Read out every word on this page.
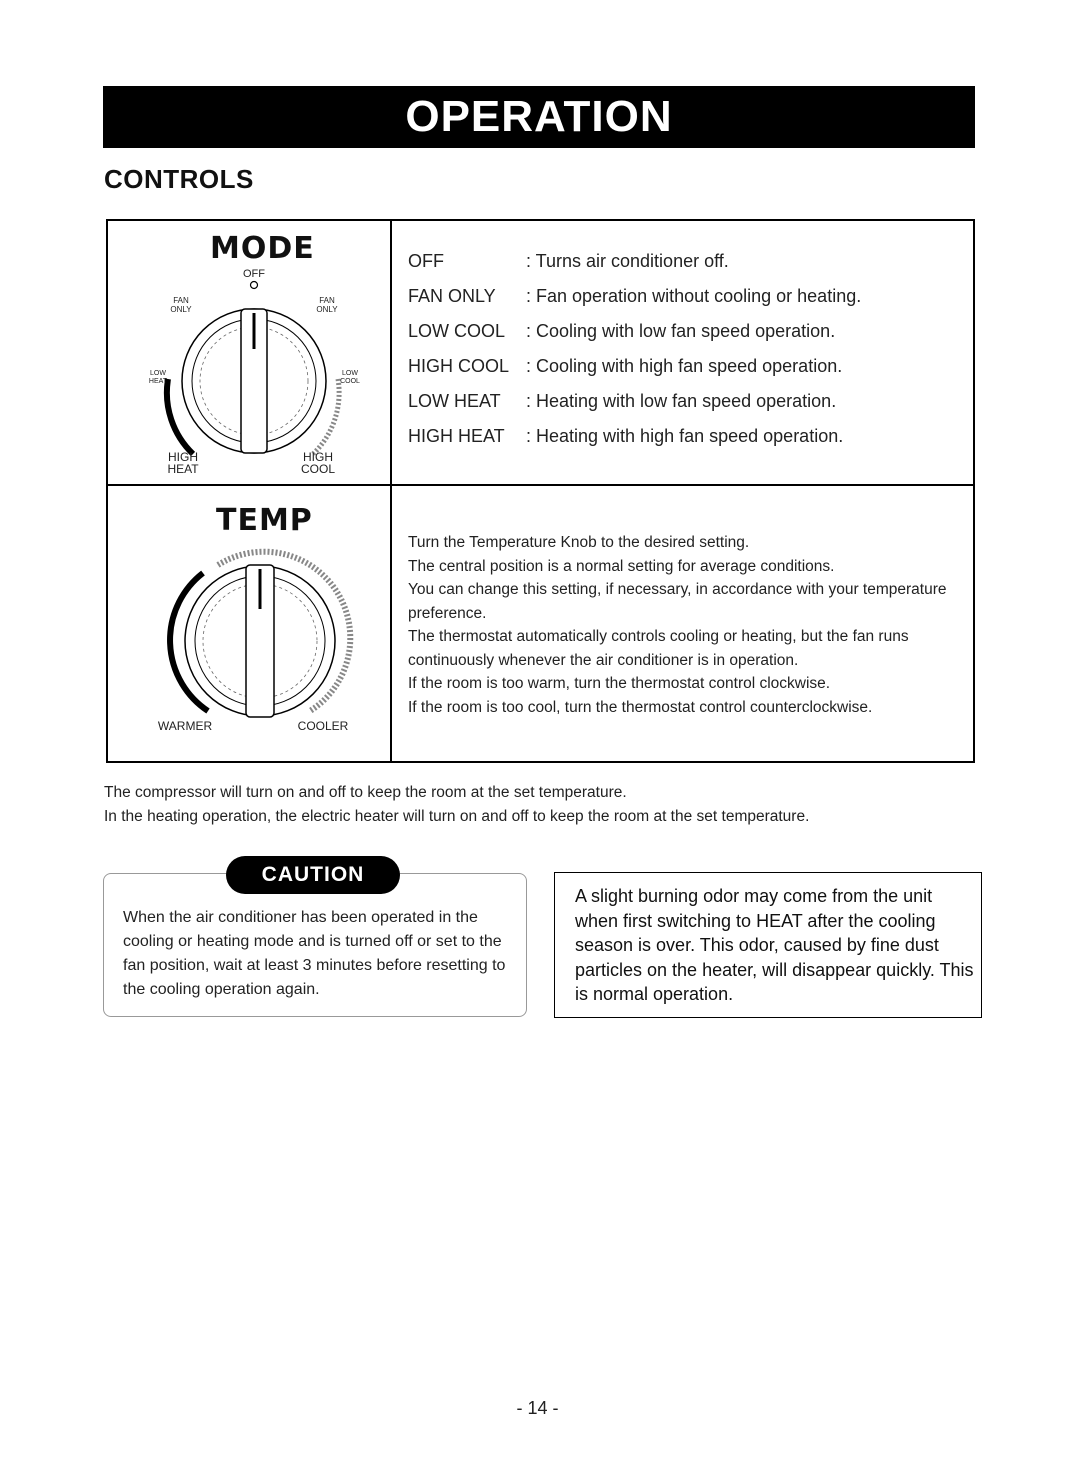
OPERATION
CONTROLS
MODE
OFF
FAN
ONLY
FAN
ONLY
LOW
HEAT
LOW
COOL
HIGH
HEAT
HIGH
COOL
OFF	: Turns air conditioner off.
FAN ONLY	: Fan operation without cooling or heating.
LOW COOL	: Cooling with low fan speed operation.
HIGH COOL : Cooling with high fan speed operation.
LOW HEAT	: Heating with low fan speed operation.
HIGH HEAT	: Heating with high fan speed operation.
TEMP
WARMER	COOLER

Turn the Temperature Knob to the desired setting.

The central position is a normal setting for average conditions.

You can change this setting, if necessary, in accordance with your temperature preference.

The thermostat automatically controls cooling or heating, but the fan runs continuously whenever the air conditioner is in operation.

If the room is too warm, turn the thermostat control clockwise.

If the room is too cool, turn the thermostat control counterclockwise.

The compressor will turn on and off to keep the room at the set temperature.

In the heating operation, the electric heater will turn on and off to keep the room at the set temperature.

CAUTION
When the air conditioner has been operated in the cooling or heating mode and is turned off or set to the fan position, wait at least 3 minutes before resetting to the cooling operation again.
A slight burning odor may come from the unit when first switching to HEAT after the cooling season is over. This odor, caused by fine dust particles on the heater, will disappear quickly. This is normal operation.
- 14 -
